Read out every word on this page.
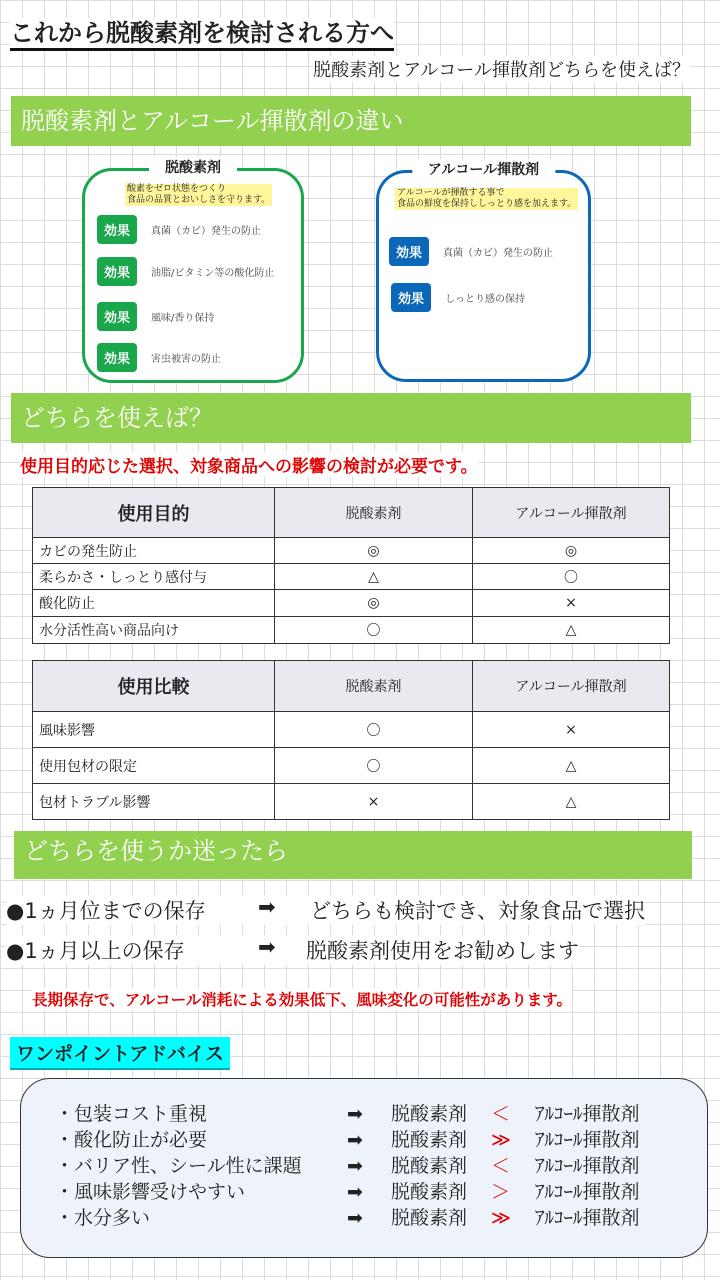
これから脱酸素剤を検討される方へ
脱酸素剤とアルコール揮散剤どちらを使えば？
脱酸素剤とアルコール揮散剤の違い
脱酸素剤
酸素をゼロ状態をつくり
食品の品質とおいしさを守ります。
効果	真菌（カビ）発生の防止
効果	油脂/ビタミン等の酸化防止
効果	風味/香り保持
効果	害虫被害の防止
アルコール揮散剤
アルコールが揮散する事で
食品の鮮度を保持ししっとり感を加えます。
効果	真菌（カビ）発生の防止
効果	しっとり感の保持
どちらを使えば？
使用目的応じた選択、対象商品への影響の検討が必要です。
使用目的	脱酸素剤	アルコール揮散剤
カビの発生防止	◎	◎
柔らかさ・しっとり感付与	△	〇
酸化防止	◎	×
水分活性高い商品向け	〇	△
使用比較	脱酸素剤	アルコール揮散剤
風味影響	〇	×
使用包材の限定	〇	△
包材トラブル影響	×	△
どちらを使うか迷ったら
●1ヵ月位までの保存	➡	どちらも検討でき、対象食品で選択
●1ヵ月以上の保存	➡	脱酸素剤使用をお勧めします
長期保存で、アルコール消耗による効果低下、風味変化の可能性があります。
ワンポイントアドバイス
・包装コスト重視	➡	脱酸素剤	＜	ｱﾙｺｰﾙ揮散剤
・酸化防止が必要	➡	脱酸素剤	≫	ｱﾙｺｰﾙ揮散剤
・バリア性、シール性に課題	➡	脱酸素剤	＜	ｱﾙｺｰﾙ揮散剤
・風味影響受けやすい	➡	脱酸素剤	＞	ｱﾙｺｰﾙ揮散剤
・水分多い	➡	脱酸素剤	≫	ｱﾙｺｰﾙ揮散剤
